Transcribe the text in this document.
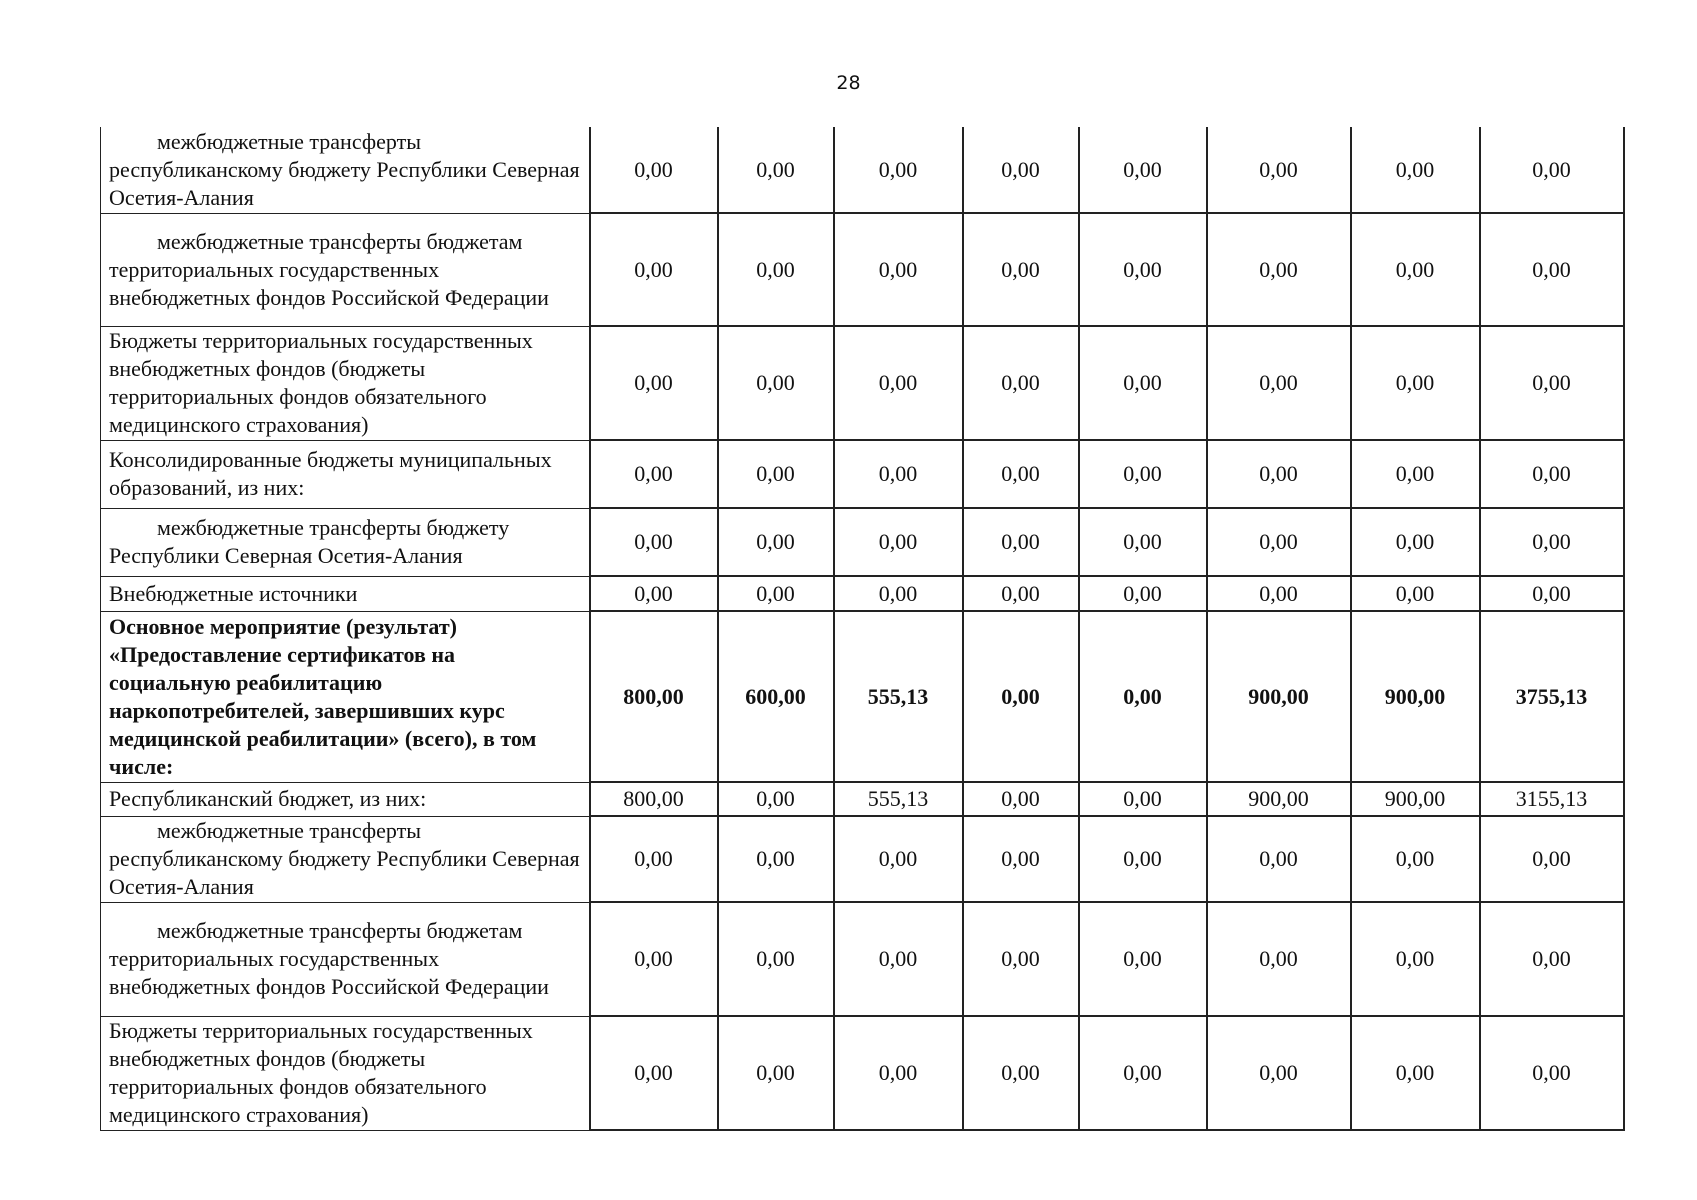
28
межбюджетные трансферты республиканскому бюджету Республики Северная Осетия-Алания	0,00	0,00	0,00	0,00	0,00	0,00	0,00	0,00
межбюджетные трансферты бюджетам территориальных государственных внебюджетных фондов Российской Федерации	0,00	0,00	0,00	0,00	0,00	0,00	0,00	0,00
Бюджеты территориальных государственных внебюджетных фондов (бюджеты территориальных фондов обязательного медицинского страхования)	0,00	0,00	0,00	0,00	0,00	0,00	0,00	0,00
Консолидированные бюджеты муниципальных образований, из них:	0,00	0,00	0,00	0,00	0,00	0,00	0,00	0,00
межбюджетные трансферты бюджету Республики Северная Осетия-Алания	0,00	0,00	0,00	0,00	0,00	0,00	0,00	0,00
Внебюджетные источники	0,00	0,00	0,00	0,00	0,00	0,00	0,00	0,00
Основное мероприятие (результат) «Предоставление сертификатов на социальную реабилитацию наркопотребителей, завершивших курс медицинской реабилитации» (всего), в том числе:	800,00	600,00	555,13	0,00	0,00	900,00	900,00	3755,13
Республиканский бюджет, из них:	800,00	0,00	555,13	0,00	0,00	900,00	900,00	3155,13
межбюджетные трансферты республиканскому бюджету Республики Северная Осетия-Алания	0,00	0,00	0,00	0,00	0,00	0,00	0,00	0,00
межбюджетные трансферты бюджетам территориальных государственных внебюджетных фондов Российской Федерации	0,00	0,00	0,00	0,00	0,00	0,00	0,00	0,00
Бюджеты территориальных государственных внебюджетных фондов (бюджеты территориальных фондов обязательного медицинского страхования)	0,00	0,00	0,00	0,00	0,00	0,00	0,00	0,00
